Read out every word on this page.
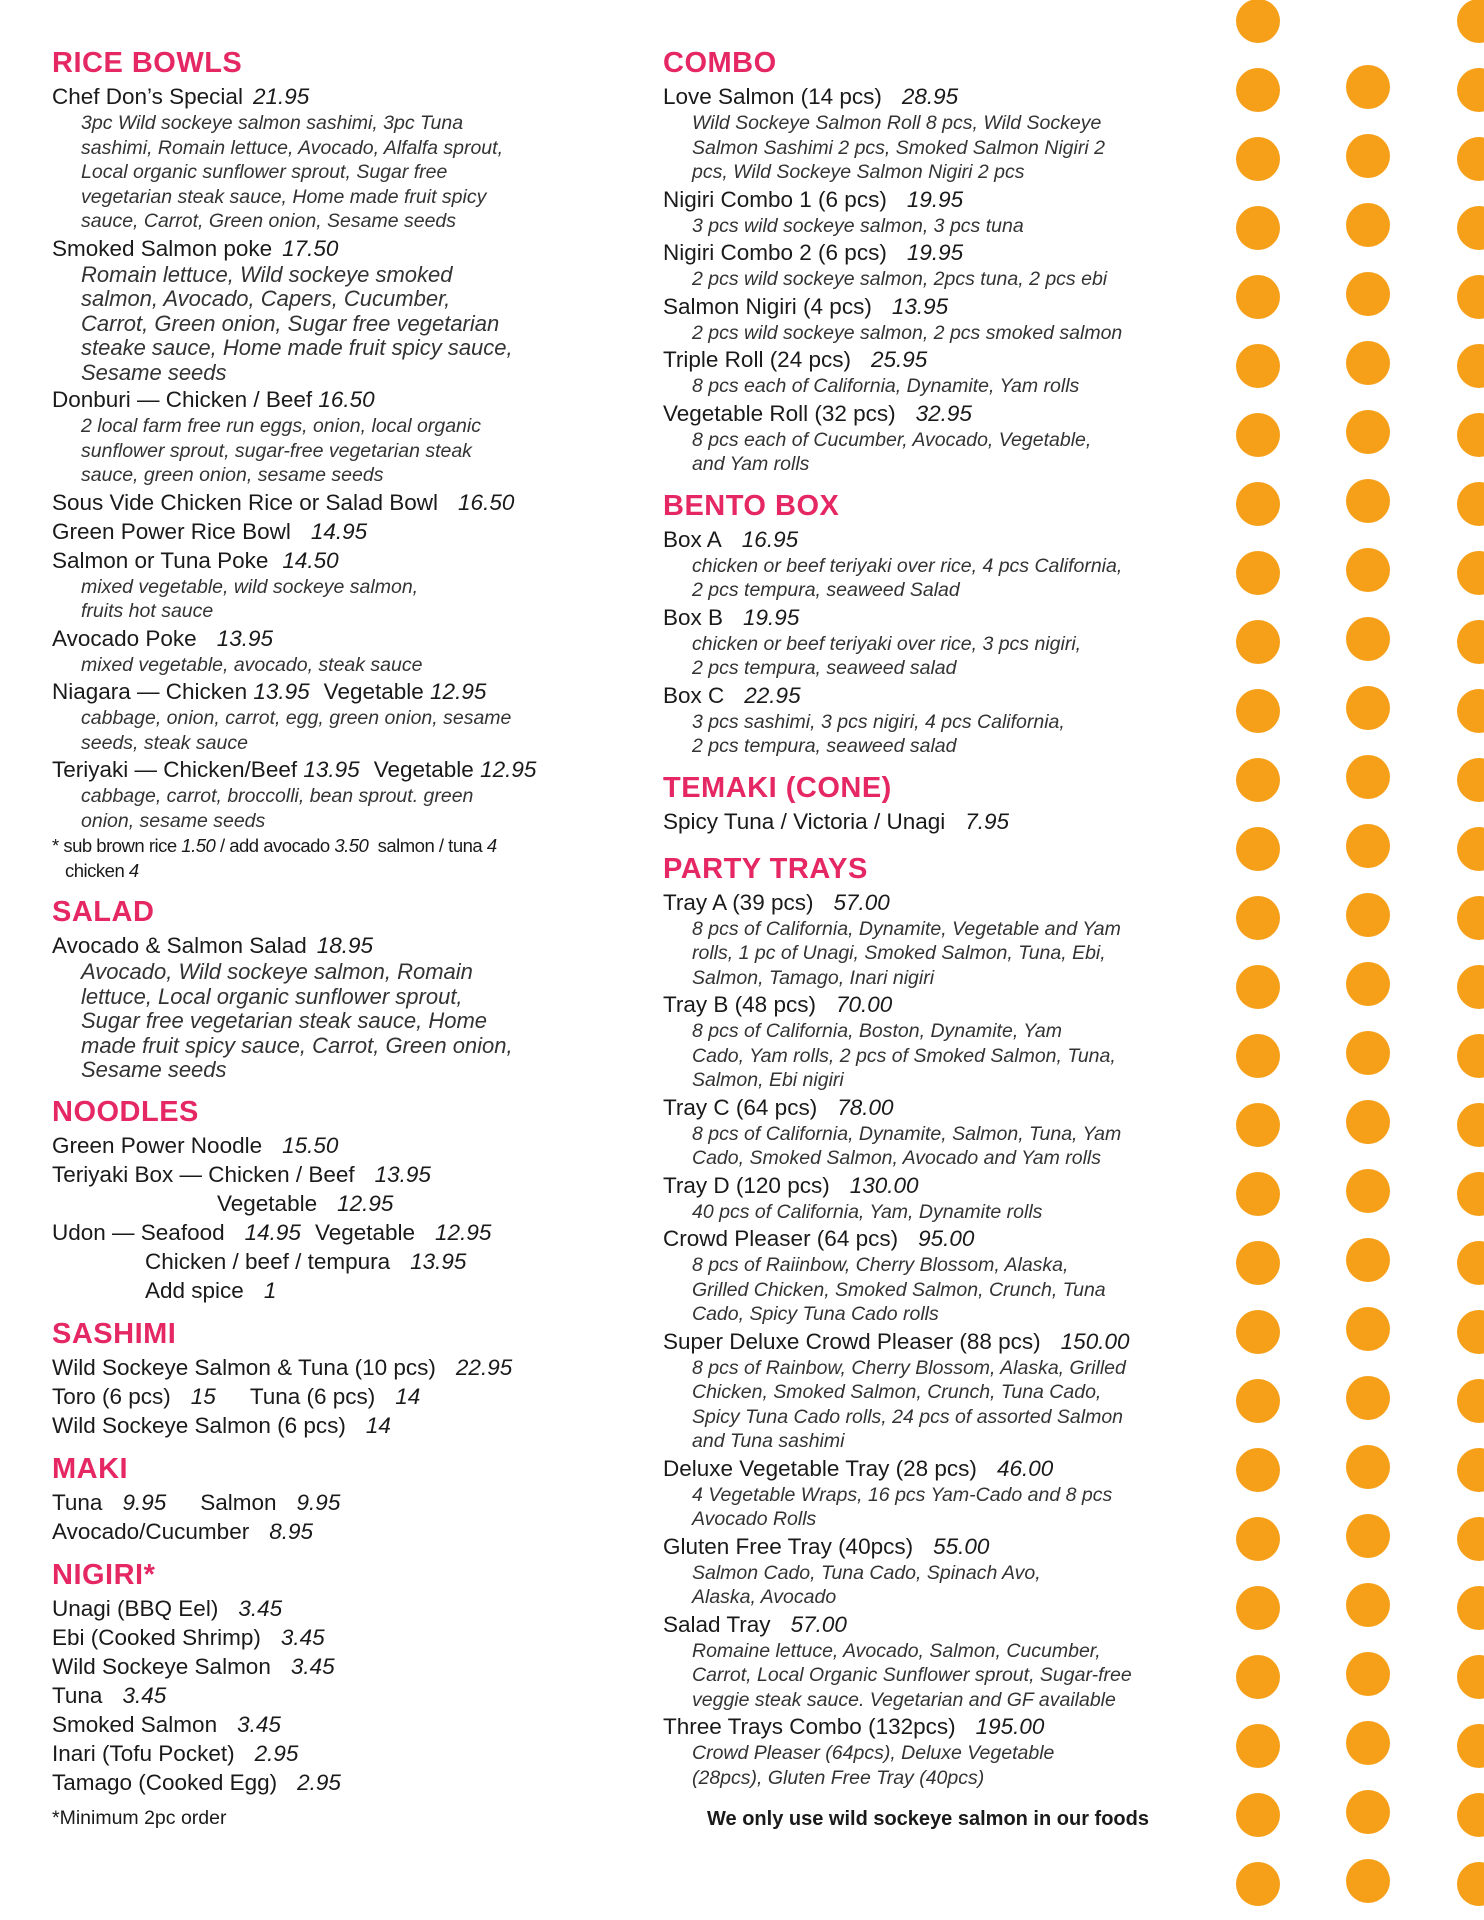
RICE BOWLS
Chef Don’s Special 21.95
3pc Wild sockeye salmon sashimi, 3pc Tuna
sashimi, Romain lettuce, Avocado, Alfalfa sprout,
Local organic sunflower sprout, Sugar free
vegetarian steak sauce, Home made fruit spicy
sauce, Carrot, Green onion, Sesame seeds
Smoked Salmon poke 17.50
Romain lettuce, Wild sockeye smoked
salmon, Avocado, Capers, Cucumber,
Carrot, Green onion, Sugar free vegetarian
steake sauce, Home made fruit spicy sauce,
Sesame seeds
Donburi — Chicken / Beef 16.50
2 local farm free run eggs, onion, local organic
sunflower sprout, sugar-free vegetarian steak
sauce, green onion, sesame seeds
Sous Vide Chicken Rice or Salad Bowl 16.50
Green Power Rice Bowl 14.95
Salmon or Tuna Poke 14.50
mixed vegetable, wild sockeye salmon,
fruits hot sauce
Avocado Poke 13.95
mixed vegetable, avocado, steak sauce
Niagara — Chicken 13.95 Vegetable 12.95
cabbage, onion, carrot, egg, green onion, sesame
seeds, steak sauce
Teriyaki — Chicken/Beef 13.95 Vegetable 12.95
cabbage, carrot, broccolli, bean sprout. green
onion, sesame seeds
* sub brown rice 1.50 / add avocado 3.50 salmon / tuna 4
chicken 4
SALAD
Avocado & Salmon Salad 18.95
Avocado, Wild sockeye salmon, Romain
lettuce, Local organic sunflower sprout,
Sugar free vegetarian steak sauce, Home
made fruit spicy sauce, Carrot, Green onion,
Sesame seeds
NOODLES
Green Power Noodle 15.50
Teriyaki Box — Chicken / Beef 13.95
Vegetable 12.95
Udon — Seafood 14.95 Vegetable 12.95
Chicken / beef / tempura 13.95
Add spice 1
SASHIMI
Wild Sockeye Salmon & Tuna (10 pcs) 22.95
Toro (6 pcs) 15 Tuna (6 pcs) 14
Wild Sockeye Salmon (6 pcs) 14
MAKI
Tuna 9.95 Salmon 9.95
Avocado/Cucumber 8.95
NIGIRI*
Unagi (BBQ Eel) 3.45
Ebi (Cooked Shrimp) 3.45
Wild Sockeye Salmon 3.45
Tuna 3.45
Smoked Salmon 3.45
Inari (Tofu Pocket) 2.95
Tamago (Cooked Egg) 2.95
*Minimum 2pc order
COMBO
Love Salmon (14 pcs) 28.95
Wild Sockeye Salmon Roll 8 pcs, Wild Sockeye
Salmon Sashimi 2 pcs, Smoked Salmon Nigiri 2
pcs, Wild Sockeye Salmon Nigiri 2 pcs
Nigiri Combo 1 (6 pcs) 19.95
3 pcs wild sockeye salmon, 3 pcs tuna
Nigiri Combo 2 (6 pcs) 19.95
2 pcs wild sockeye salmon, 2pcs tuna, 2 pcs ebi
Salmon Nigiri (4 pcs) 13.95
2 pcs wild sockeye salmon, 2 pcs smoked salmon
Triple Roll (24 pcs) 25.95
8 pcs each of California, Dynamite, Yam rolls
Vegetable Roll (32 pcs) 32.95
8 pcs each of Cucumber, Avocado, Vegetable,
and Yam rolls
BENTO BOX
Box A 16.95
chicken or beef teriyaki over rice, 4 pcs California,
2 pcs tempura, seaweed Salad
Box B 19.95
chicken or beef teriyaki over rice, 3 pcs nigiri,
2 pcs tempura, seaweed salad
Box C 22.95
3 pcs sashimi, 3 pcs nigiri, 4 pcs California,
2 pcs tempura, seaweed salad
TEMAKI (CONE)
Spicy Tuna / Victoria / Unagi 7.95
PARTY TRAYS
Tray A (39 pcs) 57.00
8 pcs of California, Dynamite, Vegetable and Yam
rolls, 1 pc of Unagi, Smoked Salmon, Tuna, Ebi,
Salmon, Tamago, Inari nigiri
Tray B (48 pcs) 70.00
8 pcs of California, Boston, Dynamite, Yam
Cado, Yam rolls, 2 pcs of Smoked Salmon, Tuna,
Salmon, Ebi nigiri
Tray C (64 pcs) 78.00
8 pcs of California, Dynamite, Salmon, Tuna, Yam
Cado, Smoked Salmon, Avocado and Yam rolls
Tray D (120 pcs) 130.00
40 pcs of California, Yam, Dynamite rolls
Crowd Pleaser (64 pcs) 95.00
8 pcs of Raiinbow, Cherry Blossom, Alaska,
Grilled Chicken, Smoked Salmon, Crunch, Tuna
Cado, Spicy Tuna Cado rolls
Super Deluxe Crowd Pleaser (88 pcs) 150.00
8 pcs of Rainbow, Cherry Blossom, Alaska, Grilled
Chicken, Smoked Salmon, Crunch, Tuna Cado,
Spicy Tuna Cado rolls, 24 pcs of assorted Salmon
and Tuna sashimi
Deluxe Vegetable Tray (28 pcs) 46.00
4 Vegetable Wraps, 16 pcs Yam-Cado and 8 pcs
Avocado Rolls
Gluten Free Tray (40pcs) 55.00
Salmon Cado, Tuna Cado, Spinach Avo,
Alaska, Avocado
Salad Tray 57.00
Romaine lettuce, Avocado, Salmon, Cucumber,
Carrot, Local Organic Sunflower sprout, Sugar-free
veggie steak sauce. Vegetarian and GF available
Three Trays Combo (132pcs) 195.00
Crowd Pleaser (64pcs), Deluxe Vegetable
(28pcs), Gluten Free Tray (40pcs)
We only use wild sockeye salmon in our foods
